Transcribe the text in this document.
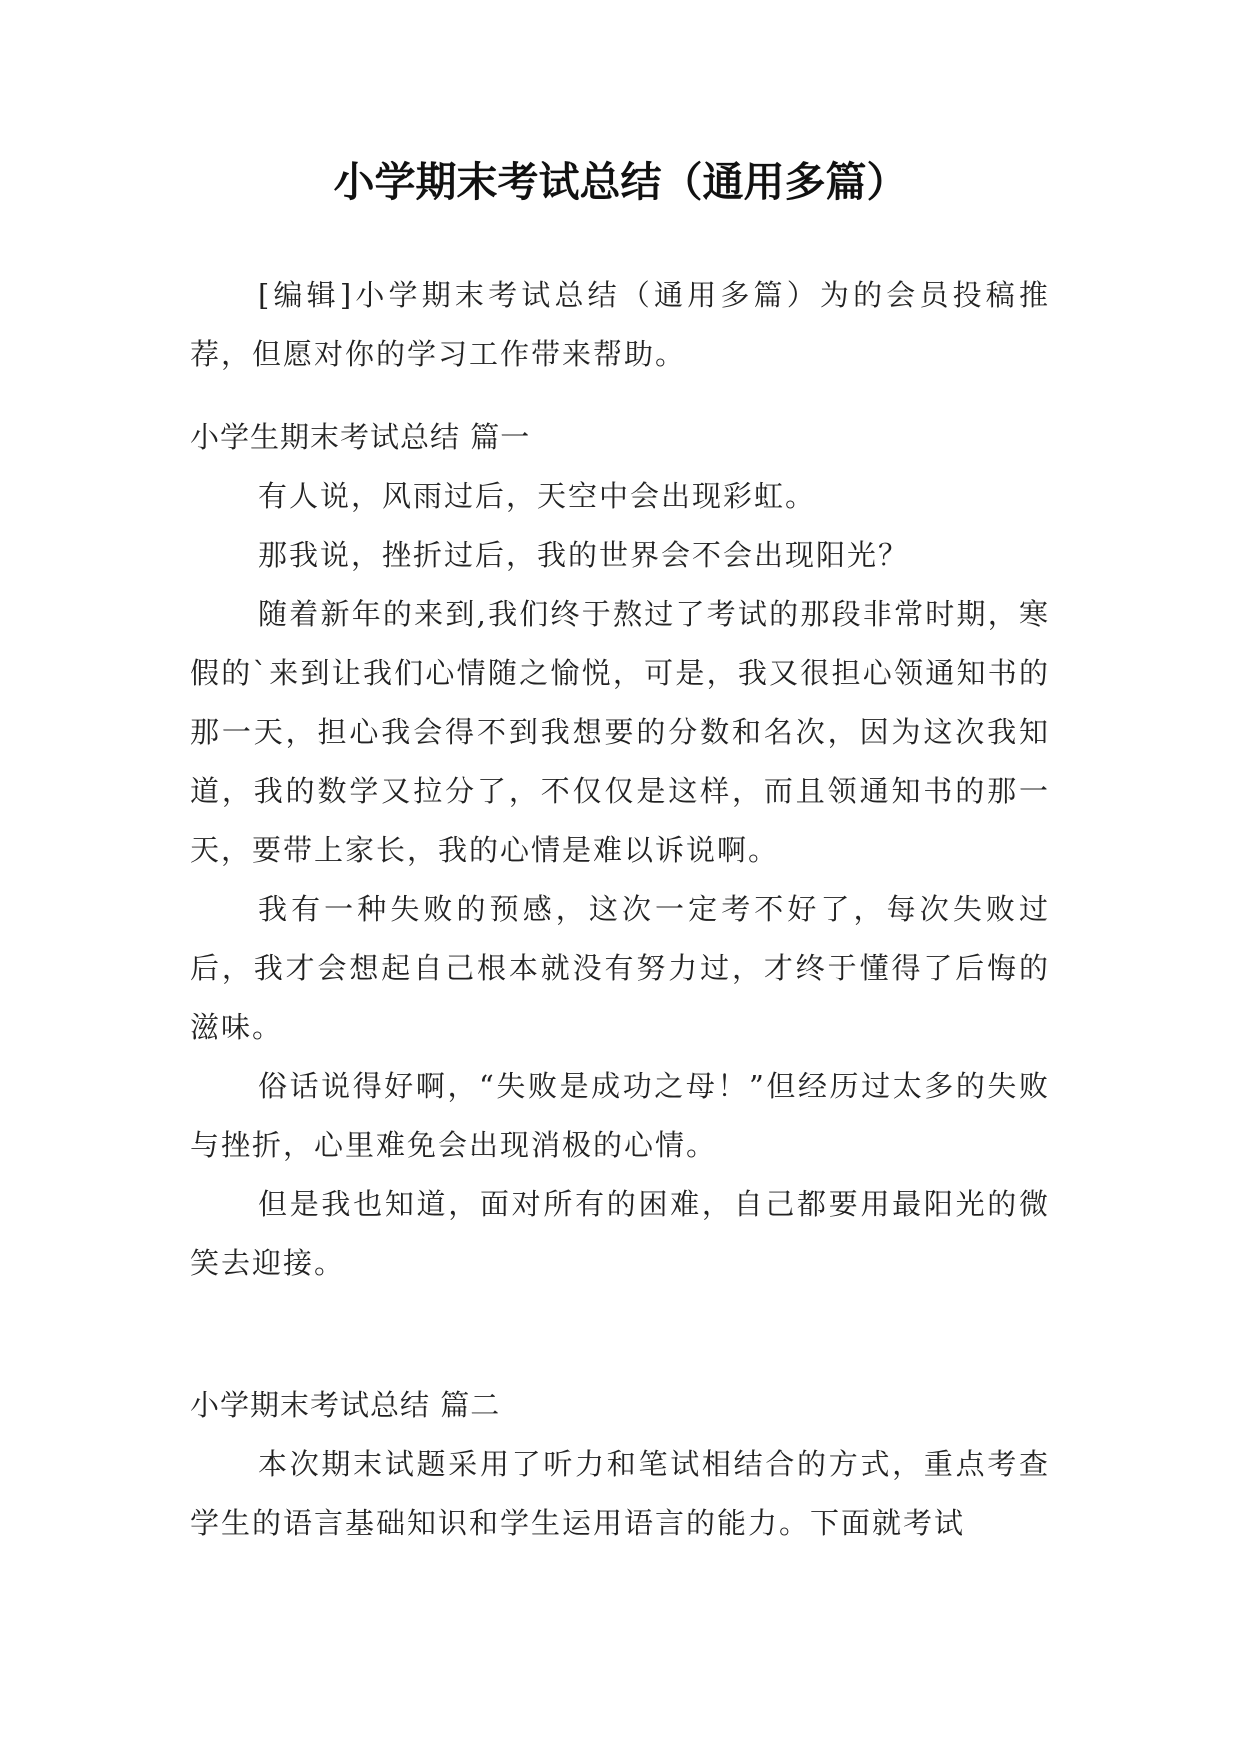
小学期末考试总结（通用多篇）

[编辑]小学期末考试总结（通用多篇）为的会员投稿推荐，但愿对你的学习工作带来帮助。

小学生期末考试总结 篇一

有人说，风雨过后，天空中会出现彩虹。

那我说，挫折过后，我的世界会不会出现阳光？

随着新年的来到,我们终于熬过了考试的那段非常时期，寒假的`来到让我们心情随之愉悦，可是，我又很担心领通知书的那一天，担心我会得不到我想要的分数和名次，因为这次我知道，我的数学又拉分了，不仅仅是这样，而且领通知书的那一天，要带上家长，我的心情是难以诉说啊。

我有一种失败的预感，这次一定考不好了，每次失败过后，我才会想起自己根本就没有努力过，才终于懂得了后悔的滋味。

俗话说得好啊，“失败是成功之母！”但经历过太多的失败与挫折，心里难免会出现消极的心情。

但是我也知道，面对所有的困难，自己都要用最阳光的微笑去迎接。

小学期末考试总结 篇二

本次期末试题采用了听力和笔试相结合的方式，重点考查学生的语言基础知识和学生运用语言的能力。下面就考试
